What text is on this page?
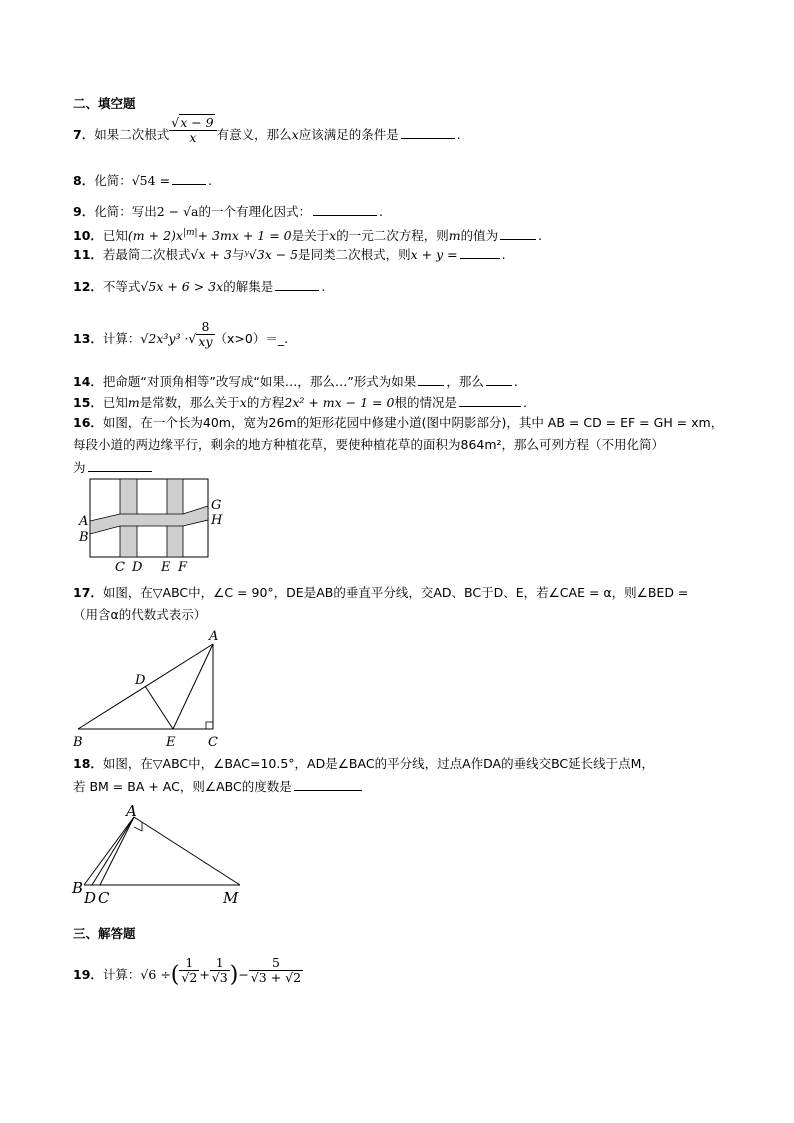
二、填空题
7．如果二次根式 $\frac{√x - 9}{x}$ 有意义，那么x应该满足的条件是	.
8．化简：√54 =	.
9．化简：写出2 − √a的一个有理化因式：	.
10．已知$(m + 2)x^{|m|}+ 3mx + 1 = 0$是关于x的一元二次方程，则m的值为	.
11．若最简二次根式√x + 3与ʸ√3x − 5是同类二次根式，则x + y =	.
12．不等式√5x + 6 > 3x的解集是	.
13．计算：√2x³y³ ·√ $\frac{8}{xy}$ （x>0）＝_.
14．把命题“对顶角相等”改写成“如果…，那么…”形式为如果 ，那么 .
15．已知m是常数，那么关于x的方程2x² + mx − 1 = 0根的情况是	.
16．如图，在一个长为40m，宽为26m的矩形花园中修建小道(图中阴影部分)，其中 AB = CD = EF = GH = xm，
每段小道的两边缘平行，剩余的地方种植花草，要使种植花草的面积为864m²，那么可列方程（不用化简）
为
A
B
G
H
C D E F
17．如图，在▽ABC中，∠C = 90°，DE是AB的垂直平分线，交AD、BC于D、E，若∠CAE = α，则∠BED =
（用含α的代数式表示）
A
D
B	E	C
18．如图，在▽ABC中，∠BAC=10.5°，AD是∠BAC的平分线，过点A作DA的垂线交BC延长线于点M，
若 BM = BA + AC，则∠ABC的度数是
A
B
D C	M
三、解答题
19．计算：√6 ÷( $\frac{1}{√2} + \frac{1}{√3}$ )− $\frac{5}{√3 + √2}$
